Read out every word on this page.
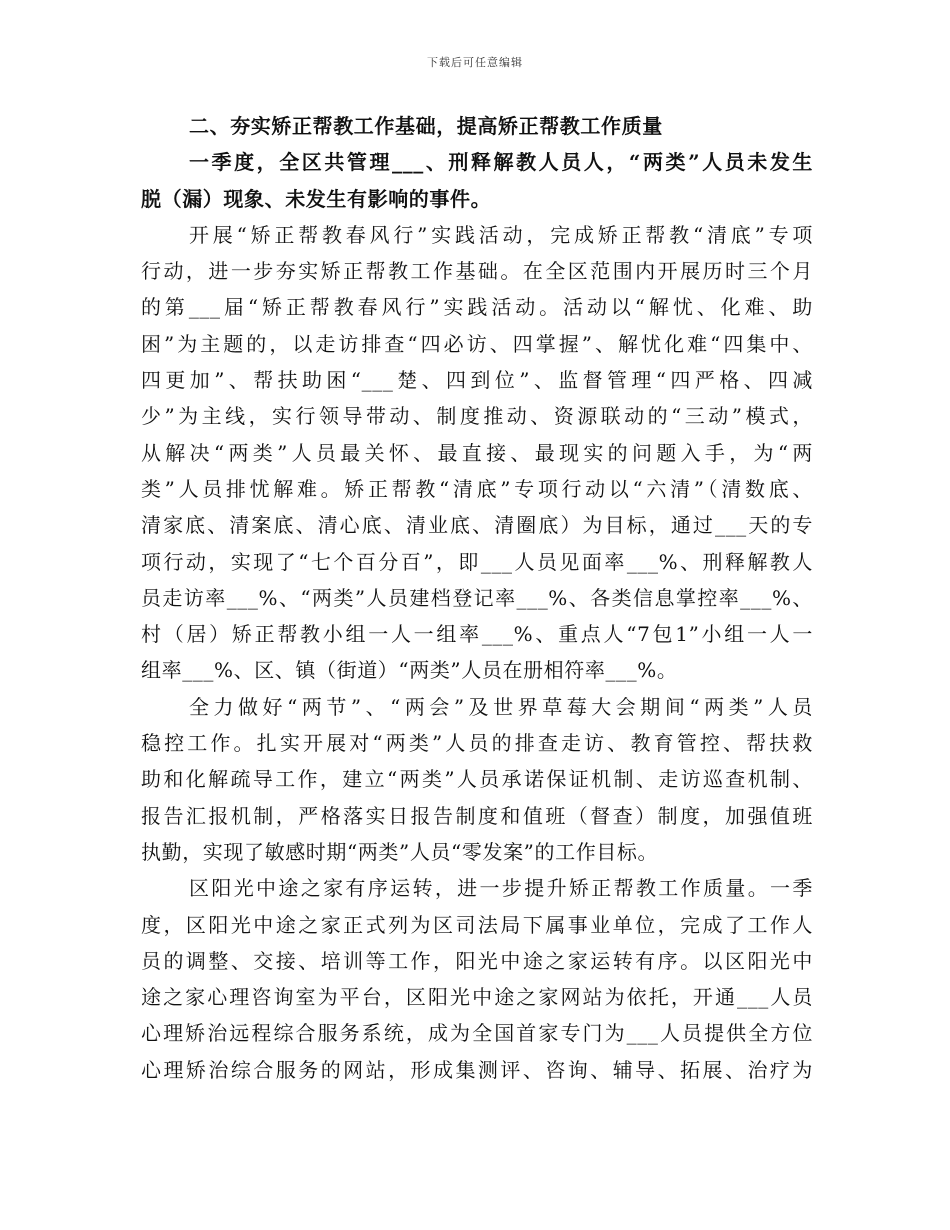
下载后可任意编辑
二、夯实矫正帮教工作基础，提高矫正帮教工作质量
一季度，全区共管理___、刑释解教人员人，“两类”人员未发生
脱（漏）现象、未发生有影响的事件。
开展“矫正帮教春风行”实践活动，完成矫正帮教“清底”专项
行动，进一步夯实矫正帮教工作基础。在全区范围内开展历时三个月
的第___届“矫正帮教春风行”实践活动。活动以“解忧、化难、助
困”为主题的，以走访排查“四必访、四掌握”、解忧化难“四集中、
四更加”、帮扶助困“___楚、四到位”、监督管理“四严格、四减
少”为主线，实行领导带动、制度推动、资源联动的“三动”模式，
从解决“两类”人员最关怀、最直接、最现实的问题入手，为“两
类”人员排忧解难。矫正帮教“清底”专项行动以“六清”（清数底、
清家底、清案底、清心底、清业底、清圈底）为目标，通过___天的专
项行动，实现了“七个百分百”，即___人员见面率___%、刑释解教人
员走访率___%、“两类”人员建档登记率___%、各类信息掌控率___%、
村（居）矫正帮教小组一人一组率___%、重点人“7包1”小组一人一
组率___%、区、镇（街道）“两类”人员在册相符率___%。
全力做好“两节”、“两会”及世界草莓大会期间“两类”人员
稳控工作。扎实开展对“两类”人员的排查走访、教育管控、帮扶救
助和化解疏导工作，建立“两类”人员承诺保证机制、走访巡查机制、
报告汇报机制，严格落实日报告制度和值班（督查）制度，加强值班
执勤，实现了敏感时期“两类”人员“零发案”的工作目标。
区阳光中途之家有序运转，进一步提升矫正帮教工作质量。一季
度，区阳光中途之家正式列为区司法局下属事业单位，完成了工作人
员的调整、交接、培训等工作，阳光中途之家运转有序。以区阳光中
途之家心理咨询室为平台，区阳光中途之家网站为依托，开通___人员
心理矫治远程综合服务系统，成为全国首家专门为___人员提供全方位
心理矫治综合服务的网站，形成集测评、咨询、辅导、拓展、治疗为
